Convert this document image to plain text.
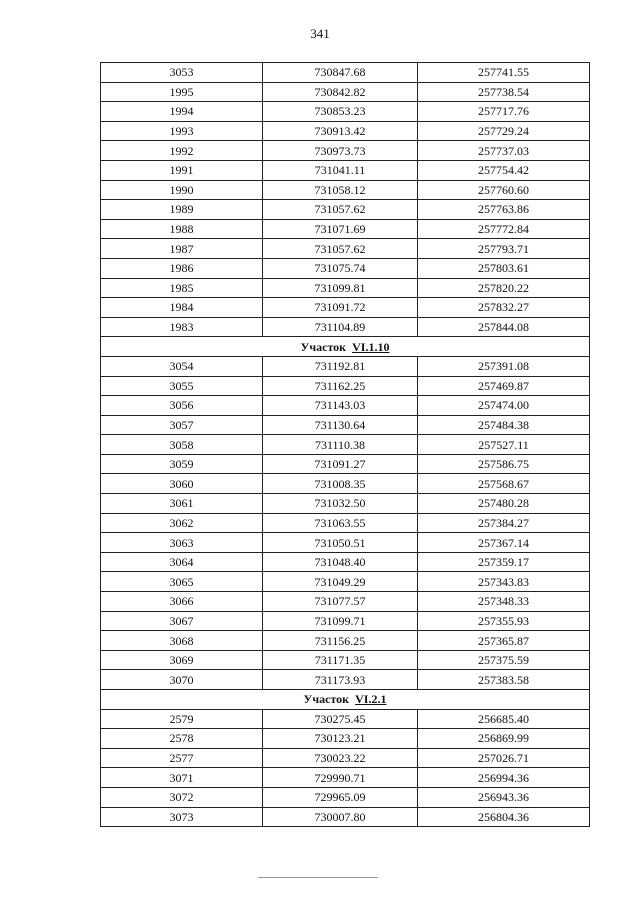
341
3053	730847.68	257741.55
1995	730842.82	257738.54
1994	730853.23	257717.76
1993	730913.42	257729.24
1992	730973.73	257737.03
1991	731041.11	257754.42
1990	731058.12	257760.60
1989	731057.62	257763.86
1988	731071.69	257772.84
1987	731057.62	257793.71
1986	731075.74	257803.61
1985	731099.81	257820.22
1984	731091.72	257832.27
1983	731104.89	257844.08
Участок VI.1.10		
3054	731192.81	257391.08
3055	731162.25	257469.87
3056	731143.03	257474.00
3057	731130.64	257484.38
3058	731110.38	257527.11
3059	731091.27	257586.75
3060	731008.35	257568.67
3061	731032.50	257480.28
3062	731063.55	257384.27
3063	731050.51	257367.14
3064	731048.40	257359.17
3065	731049.29	257343.83
3066	731077.57	257348.33
3067	731099.71	257355.93
3068	731156.25	257365.87
3069	731171.35	257375.59
3070	731173.93	257383.58
Участок VI.2.1		
2579	730275.45	256685.40
2578	730123.21	256869.99
2577	730023.22	257026.71
3071	729990.71	256994.36
3072	729965.09	256943.36
3073	730007.80	256804.36
